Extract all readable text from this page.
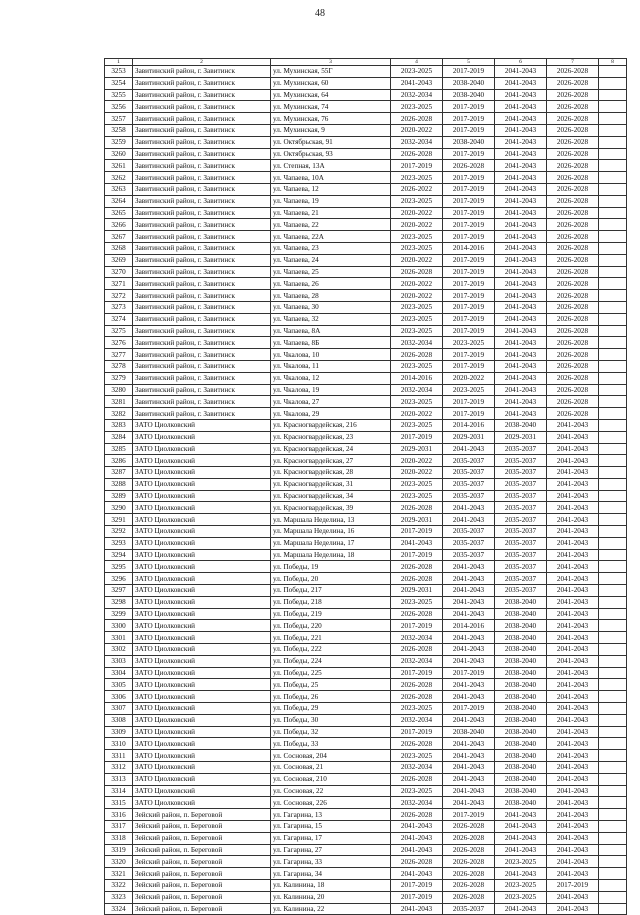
48
1	2	3	4	5	6	7	8
3253	Завитинский район, г. Завитинск	ул. Мухинская, 55Г	2023-2025	2017-2019	2041-2043	2026-2028	
3254	Завитинский район, г. Завитинск	ул. Мухинская, 60	2041-2043	2038-2040	2041-2043	2026-2028	
3255	Завитинский район, г. Завитинск	ул. Мухинская, 64	2032-2034	2038-2040	2041-2043	2026-2028	
3256	Завитинский район, г. Завитинск	ул. Мухинская, 74	2023-2025	2017-2019	2041-2043	2026-2028	
3257	Завитинский район, г. Завитинск	ул. Мухинская, 76	2026-2028	2017-2019	2041-2043	2026-2028	
3258	Завитинский район, г. Завитинск	ул. Мухинская, 9	2020-2022	2017-2019	2041-2043	2026-2028	
3259	Завитинский район, г. Завитинск	ул. Октябрьская, 91	2032-2034	2038-2040	2041-2043	2026-2028	
3260	Завитинский район, г. Завитинск	ул. Октябрьская, 93	2026-2028	2017-2019	2041-2043	2026-2028	
3261	Завитинский район, г. Завитинск	ул. Степная, 13А	2017-2019	2026-2028	2041-2043	2026-2028	
3262	Завитинский район, г. Завитинск	ул. Чапаева, 10А	2023-2025	2017-2019	2041-2043	2026-2028	
3263	Завитинский район, г. Завитинск	ул. Чапаева, 12	2026-2022	2017-2019	2041-2043	2026-2028	
3264	Завитинский район, г. Завитинск	ул. Чапаева, 19	2023-2025	2017-2019	2041-2043	2026-2028	
3265	Завитинский район, г. Завитинск	ул. Чапаева, 21	2020-2022	2017-2019	2041-2043	2026-2028	
3266	Завитинский район, г. Завитинск	ул. Чапаева, 22	2020-2022	2017-2019	2041-2043	2026-2028	
3267	Завитинский район, г. Завитинск	ул. Чапаева, 22А	2023-2025	2017-2019	2041-2043	2026-2028	
3268	Завитинский район, г. Завитинск	ул. Чапаева, 23	2023-2025	2014-2016	2041-2043	2026-2028	
3269	Завитинский район, г. Завитинск	ул. Чапаева, 24	2020-2022	2017-2019	2041-2043	2026-2028	
3270	Завитинский район, г. Завитинск	ул. Чапаева, 25	2026-2028	2017-2019	2041-2043	2026-2028	
3271	Завитинский район, г. Завитинск	ул. Чапаева, 26	2020-2022	2017-2019	2041-2043	2026-2028	
3272	Завитинский район, г. Завитинск	ул. Чапаева, 28	2020-2022	2017-2019	2041-2043	2026-2028	
3273	Завитинский район, г. Завитинск	ул. Чапаева, 30	2023-2025	2017-2019	2041-2043	2026-2028	
3274	Завитинский район, г. Завитинск	ул. Чапаева, 32	2023-2025	2017-2019	2041-2043	2026-2028	
3275	Завитинский район, г. Завитинск	ул. Чапаева, 8А	2023-2025	2017-2019	2041-2043	2026-2028	
3276	Завитинский район, г. Завитинск	ул. Чапаева, 8Б	2032-2034	2023-2025	2041-2043	2026-2028	
3277	Завитинский район, г. Завитинск	ул. Чкалова, 10	2026-2028	2017-2019	2041-2043	2026-2028	
3278	Завитинский район, г. Завитинск	ул. Чкалова, 11	2023-2025	2017-2019	2041-2043	2026-2028	
3279	Завитинский район, г. Завитинск	ул. Чкалова, 12	2014-2016	2020-2022	2041-2043	2026-2028	
3280	Завитинский район, г. Завитинск	ул. Чкалова, 19	2032-2034	2023-2025	2041-2043	2026-2028	
3281	Завитинский район, г. Завитинск	ул. Чкалова, 27	2023-2025	2017-2019	2041-2043	2026-2028	
3282	Завитинский район, г. Завитинск	ул. Чкалова, 29	2020-2022	2017-2019	2041-2043	2026-2028	
3283	ЗАТО Циолковский	ул. Красногвардейская, 216	2023-2025	2014-2016	2038-2040	2041-2043	
3284	ЗАТО Циолковский	ул. Красногвардейская, 23	2017-2019	2029-2031	2029-2031	2041-2043	
3285	ЗАТО Циолковский	ул. Красногвардейская, 24	2029-2031	2041-2043	2035-2037	2041-2043	
3286	ЗАТО Циолковский	ул. Красногвардейская, 27	2020-2022	2035-2037	2035-2037	2041-2043	
3287	ЗАТО Циолковский	ул. Красногвардейская, 28	2020-2022	2035-2037	2035-2037	2041-2043	
3288	ЗАТО Циолковский	ул. Красногвардейская, 31	2023-2025	2035-2037	2035-2037	2041-2043	
3289	ЗАТО Циолковский	ул. Красногвардейская, 34	2023-2025	2035-2037	2035-2037	2041-2043	
3290	ЗАТО Циолковский	ул. Красногвардейская, 39	2026-2028	2041-2043	2035-2037	2041-2043	
3291	ЗАТО Циолковский	ул. Маршала Неделина, 13	2029-2031	2041-2043	2035-2037	2041-2043	
3292	ЗАТО Циолковский	ул. Маршала Неделина, 16	2017-2019	2035-2037	2035-2037	2041-2043	
3293	ЗАТО Циолковский	ул. Маршала Неделина, 17	2041-2043	2035-2037	2035-2037	2041-2043	
3294	ЗАТО Циолковский	ул. Маршала Неделина, 18	2017-2019	2035-2037	2035-2037	2041-2043	
3295	ЗАТО Циолковский	ул. Победы, 19	2026-2028	2041-2043	2035-2037	2041-2043	
3296	ЗАТО Циолковский	ул. Победы, 20	2026-2028	2041-2043	2035-2037	2041-2043	
3297	ЗАТО Циолковский	ул. Победы, 217	2029-2031	2041-2043	2035-2037	2041-2043	
3298	ЗАТО Циолковский	ул. Победы, 218	2023-2025	2041-2043	2038-2040	2041-2043	
3299	ЗАТО Циолковский	ул. Победы, 219	2026-2028	2041-2043	2038-2040	2041-2043	
3300	ЗАТО Циолковский	ул. Победы, 220	2017-2019	2014-2016	2038-2040	2041-2043	
3301	ЗАТО Циолковский	ул. Победы, 221	2032-2034	2041-2043	2038-2040	2041-2043	
3302	ЗАТО Циолковский	ул. Победы, 222	2026-2028	2041-2043	2038-2040	2041-2043	
3303	ЗАТО Циолковский	ул. Победы, 224	2032-2034	2041-2043	2038-2040	2041-2043	
3304	ЗАТО Циолковский	ул. Победы, 225	2017-2019	2017-2019	2038-2040	2041-2043	
3305	ЗАТО Циолковский	ул. Победы, 25	2026-2028	2041-2043	2038-2040	2041-2043	
3306	ЗАТО Циолковский	ул. Победы, 26	2026-2028	2041-2043	2038-2040	2041-2043	
3307	ЗАТО Циолковский	ул. Победы, 29	2023-2025	2017-2019	2038-2040	2041-2043	
3308	ЗАТО Циолковский	ул. Победы, 30	2032-2034	2041-2043	2038-2040	2041-2043	
3309	ЗАТО Циолковский	ул. Победы, 32	2017-2019	2038-2040	2038-2040	2041-2043	
3310	ЗАТО Циолковский	ул. Победы, 33	2026-2028	2041-2043	2038-2040	2041-2043	
3311	ЗАТО Циолковский	ул. Сосновая, 204	2023-2025	2041-2043	2038-2040	2041-2043	
3312	ЗАТО Циолковский	ул. Сосновая, 21	2032-2034	2041-2043	2038-2040	2041-2043	
3313	ЗАТО Циолковский	ул. Сосновая, 210	2026-2028	2041-2043	2038-2040	2041-2043	
3314	ЗАТО Циолковский	ул. Сосновая, 22	2023-2025	2041-2043	2038-2040	2041-2043	
3315	ЗАТО Циолковский	ул. Сосновая, 226	2032-2034	2041-2043	2038-2040	2041-2043	
3316	Зейский район, п. Береговой	ул. Гагарина, 13	2026-2028	2017-2019	2041-2043	2041-2043	
3317	Зейский район, п. Береговой	ул. Гагарина, 15	2041-2043	2026-2028	2041-2043	2041-2043	
3318	Зейский район, п. Береговой	ул. Гагарина, 17	2041-2043	2026-2028	2041-2043	2041-2043	
3319	Зейский район, п. Береговой	ул. Гагарина, 27	2041-2043	2026-2028	2041-2043	2041-2043	
3320	Зейский район, п. Береговой	ул. Гагарина, 33	2026-2028	2026-2028	2023-2025	2041-2043	
3321	Зейский район, п. Береговой	ул. Гагарина, 34	2041-2043	2026-2028	2041-2043	2041-2043	
3322	Зейский район, п. Береговой	ул. Калинина, 18	2017-2019	2026-2028	2023-2025	2017-2019	
3323	Зейский район, п. Береговой	ул. Калинина, 20	2017-2019	2026-2028	2023-2025	2041-2043	
3324	Зейский район, п. Береговой	ул. Калинина, 22	2041-2043	2035-2037	2041-2043	2041-2043	
